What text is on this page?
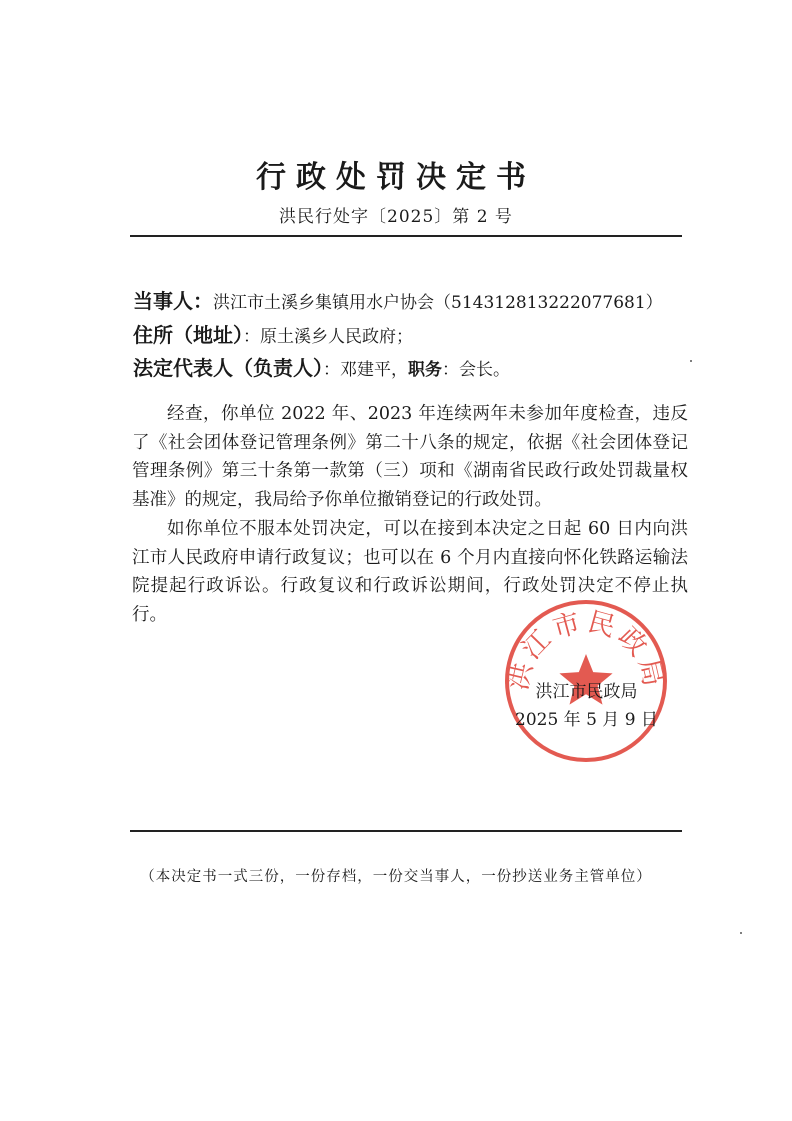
行政处罚决定书
洪民行处字〔2025〕第 2 号
当事人：洪江市土溪乡集镇用水户协会（514312813222077681）
住所（地址）：原土溪乡人民政府；
法定代表人（负责人）：邓建平，职务：会长。

经查，你单位 2022 年、2023 年连续两年未参加年度检查，违反了《社会团体登记管理条例》第二十八条的规定，依据《社会团体登记管理条例》第三十条第一款第（三）项和《湖南省民政行政处罚裁量权基准》的规定，我局给予你单位撤销登记的行政处罚。

如你单位不服本处罚决定，可以在接到本决定之日起 60 日内向洪江市人民政府申请行政复议；也可以在 6 个月内直接向怀化铁路运输法院提起行政诉讼。行政复议和行政诉讼期间，行政处罚决定不停止执行。

洪江市民政局
洪江市民政局
2025 年 5 月 9 日
（本决定书一式三份，一份存档，一份交当事人，一份抄送业务主管单位）
